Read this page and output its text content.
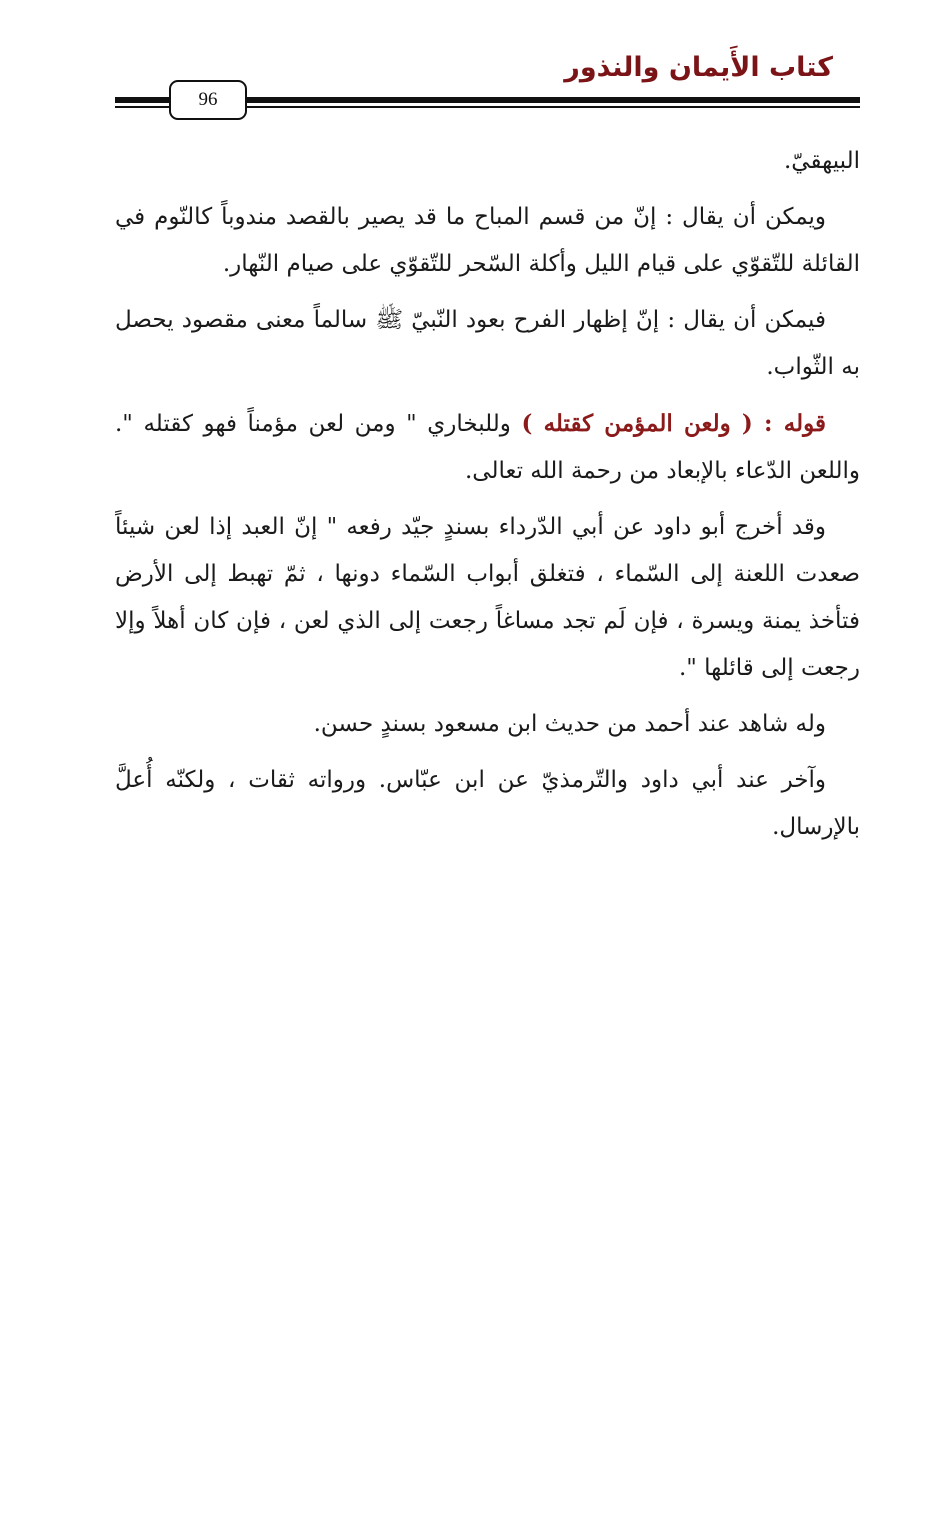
كتاب الأَيمان والنذور
96

البيهقيّ.

ويمكن أن يقال : إنّ من قسم المباح ما قد يصير بالقصد مندوباً كالنّوم في القائلة للتّقوّي على قيام الليل وأكلة السّحر للتّقوّي على صيام النّهار.

فيمكن أن يقال : إنّ إظهار الفرح بعود النّبيّ ﷺ سالماً معنى مقصود يحصل به الثّواب.

قوله : ( ولعن المؤمن كقتله ) وللبخاري " ومن لعن مؤمناً فهو كقتله ". واللعن الدّعاء بالإبعاد من رحمة الله تعالى.

وقد أخرج أبو داود عن أبي الدّرداء بسندٍ جيّد رفعه " إنّ العبد إذا لعن شيئاً صعدت اللعنة إلى السّماء ، فتغلق أبواب السّماء دونها ، ثمّ تهبط إلى الأرض فتأخذ يمنة ويسرة ، فإن لَم تجد مساغاً رجعت إلى الذي لعن ، فإن كان أهلاً وإلا رجعت إلى قائلها ".

وله شاهد عند أحمد من حديث ابن مسعود بسندٍ حسن.

وآخر عند أبي داود والتّرمذيّ عن ابن عبّاس. ورواته ثقات ، ولكنّه أُعلَّ بالإرسال.
